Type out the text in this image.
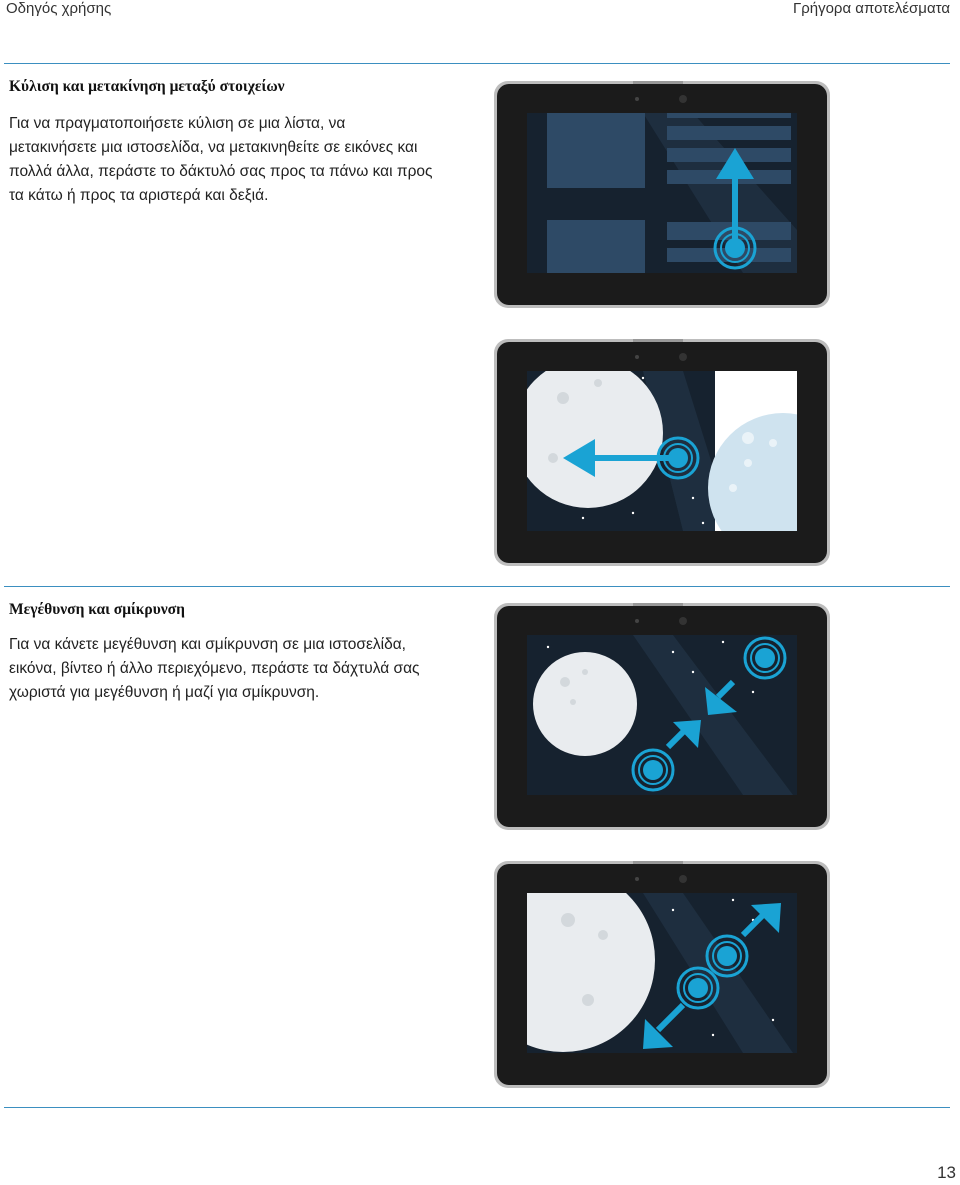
Οδηγός χρήσης	Γρήγορα αποτελέσματα
Κύλιση και μετακίνηση μεταξύ στοιχείων
Για να πραγματοποιήσετε κύλιση σε μια λίστα, να
μετακινήσετε μια ιστοσελίδα, να μετακινηθείτε σε εικόνες και
πολλά άλλα, περάστε το δάκτυλό σας προς τα πάνω και προς
τα κάτω ή προς τα αριστερά και δεξιά.
Μεγέθυνση και σμίκρυνση
Για να κάνετε μεγέθυνση και σμίκρυνση σε μια ιστοσελίδα,
εικόνα, βίντεο ή άλλο περιεχόμενο, περάστε τα δάχτυλά σας
χωριστά για μεγέθυνση ή μαζί για σμίκρυνση.
13
